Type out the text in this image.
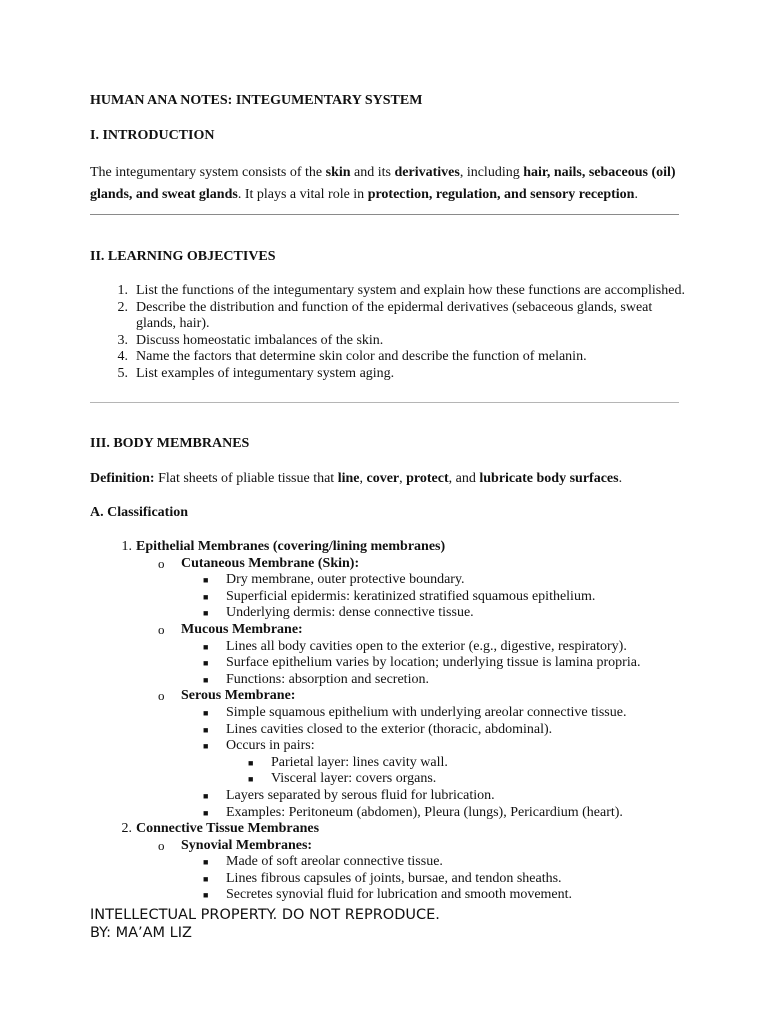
HUMAN ANA NOTES: INTEGUMENTARY SYSTEM
I. INTRODUCTION
The integumentary system consists of the skin and its derivatives, including hair, nails, sebaceous (oil) glands, and sweat glands. It plays a vital role in protection, regulation, and sensory reception.
II. LEARNING OBJECTIVES
1. List the functions of the integumentary system and explain how these functions are accomplished.
2. Describe the distribution and function of the epidermal derivatives (sebaceous glands, sweat glands, hair).
3. Discuss homeostatic imbalances of the skin.
4. Name the factors that determine skin color and describe the function of melanin.
5. List examples of integumentary system aging.
III. BODY MEMBRANES
Definition: Flat sheets of pliable tissue that line, cover, protect, and lubricate body surfaces.
A. Classification
1. Epithelial Membranes (covering/lining membranes)
o Cutaneous Membrane (Skin):
■ Dry membrane, outer protective boundary.
■ Superficial epidermis: keratinized stratified squamous epithelium.
■ Underlying dermis: dense connective tissue.
o Mucous Membrane:
■ Lines all body cavities open to the exterior (e.g., digestive, respiratory).
■ Surface epithelium varies by location; underlying tissue is lamina propria.
■ Functions: absorption and secretion.
o Serous Membrane:
■ Simple squamous epithelium with underlying areolar connective tissue.
■ Lines cavities closed to the exterior (thoracic, abdominal).
■ Occurs in pairs:
■ Parietal layer: lines cavity wall.
■ Visceral layer: covers organs.
■ Layers separated by serous fluid for lubrication.
■ Examples: Peritoneum (abdomen), Pleura (lungs), Pericardium (heart).
2. Connective Tissue Membranes
o Synovial Membranes:
■ Made of soft areolar connective tissue.
■ Lines fibrous capsules of joints, bursae, and tendon sheaths.
■ Secretes synovial fluid for lubrication and smooth movement.
INTELLECTUAL PROPERTY. DO NOT REPRODUCE.
BY: MA’AM LIZ
